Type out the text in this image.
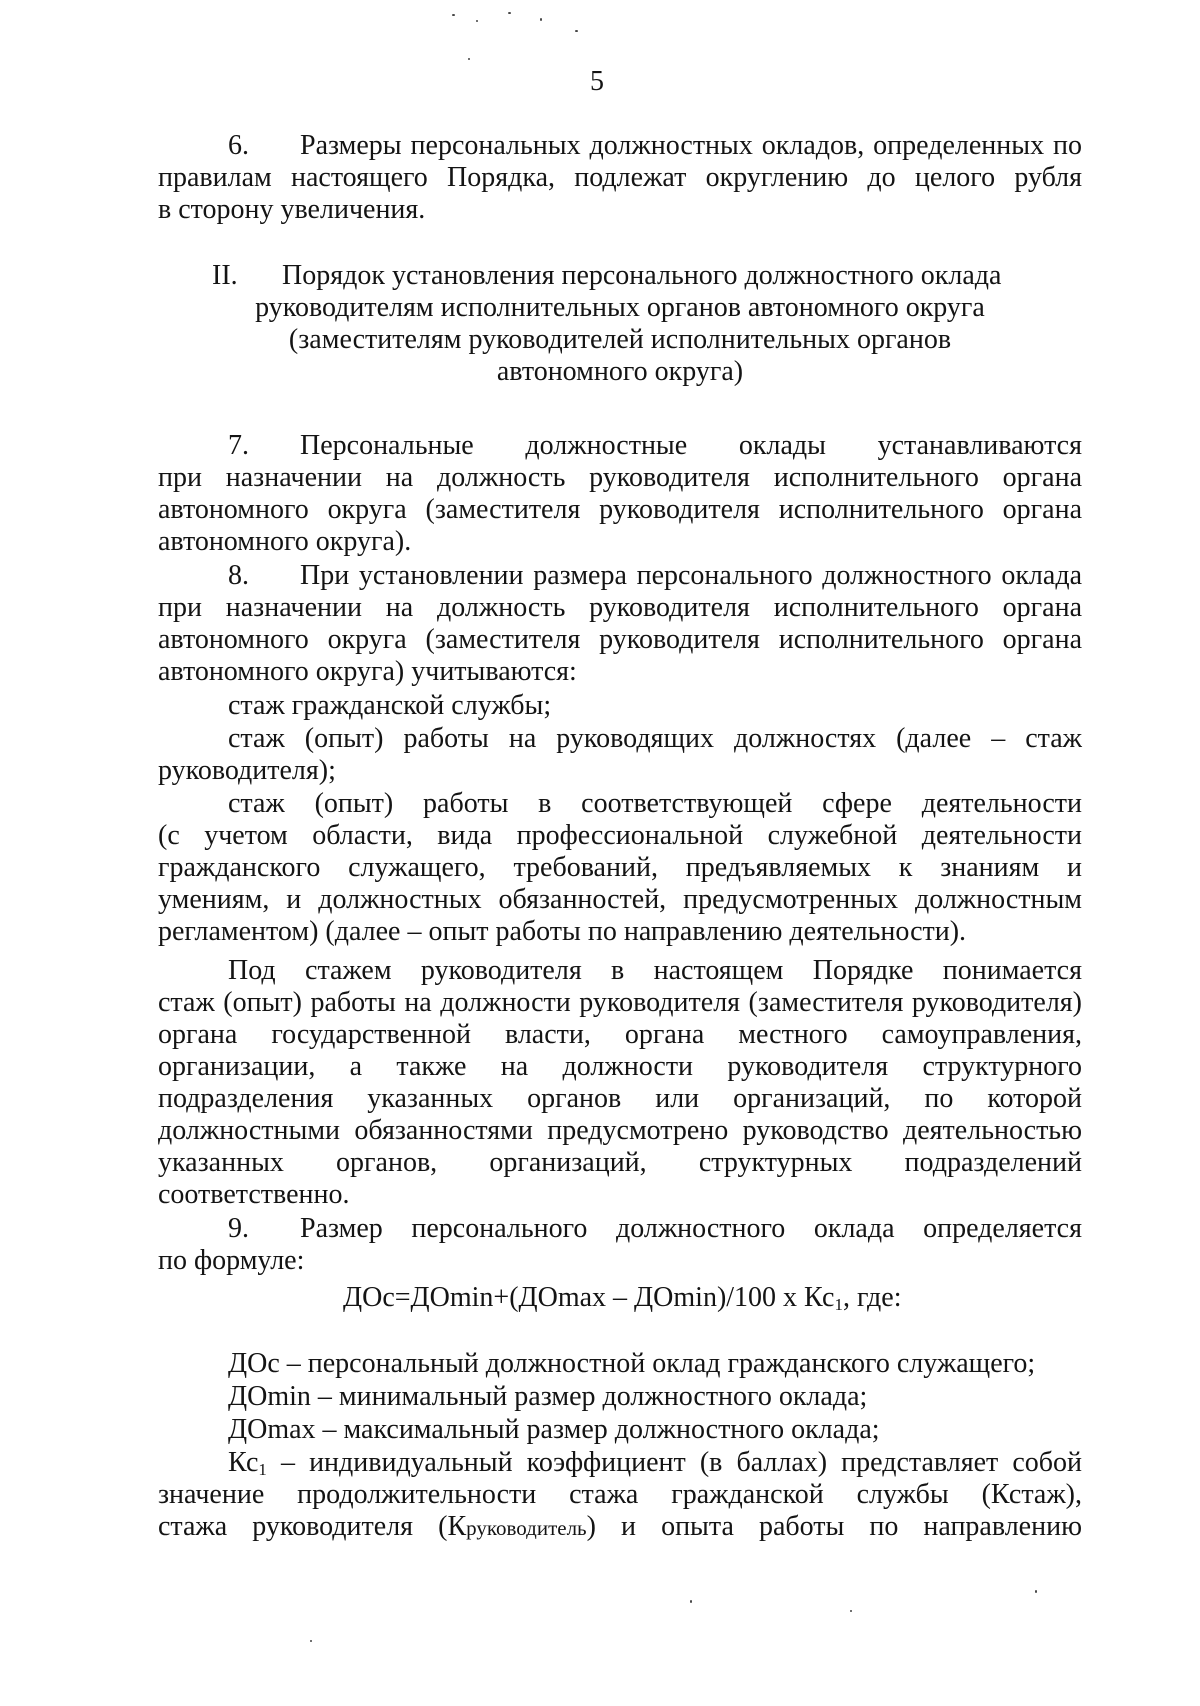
5
6. Размеры персональных должностных окладов, определенных по
правилам настоящего Порядка, подлежат округлению до целого рубля
в сторону увеличения.
II. Порядок установления персонального должностного оклада
руководителям исполнительных органов автономного округа
(заместителям руководителей исполнительных органов
автономного округа)
7. Персональные должностные оклады устанавливаются
при назначении на должность руководителя исполнительного органа
автономного округа (заместителя руководителя исполнительного органа
автономного округа).
8. При установлении размера персонального должностного оклада
при назначении на должность руководителя исполнительного органа
автономного округа (заместителя руководителя исполнительного органа
автономного округа) учитываются:
стаж гражданской службы;
стаж (опыт) работы на руководящих должностях (далее – стаж
руководителя);
стаж (опыт) работы в соответствующей сфере деятельности
(с учетом области, вида профессиональной служебной деятельности
гражданского служащего, требований, предъявляемых к знаниям и
умениям, и должностных обязанностей, предусмотренных должностным
регламентом) (далее – опыт работы по направлению деятельности).
Под стажем руководителя в настоящем Порядке понимается
стаж (опыт) работы на должности руководителя (заместителя руководителя)
органа государственной власти, органа местного самоуправления,
организации, а также на должности руководителя структурного
подразделения указанных органов или организаций, по которой
должностными обязанностями предусмотрено руководство деятельностью
указанных органов, организаций, структурных подразделений
соответственно.
9. Размер персонального должностного оклада определяется
по формуле:
ДОс=ДОmin+(ДОmax – ДОmin)/100 х $Кс_1$, где:
ДОс – персональный должностной оклад гражданского служащего;
ДОmin – минимальный размер должностного оклада;
ДОmax – максимальный размер должностного оклада;
$Кс_1$ – индивидуальный коэффициент (в баллах) представляет собой
значение продолжительности стажа гражданской службы (Кстаж),
стажа руководителя (Круководитель) и опыта работы по направлению
